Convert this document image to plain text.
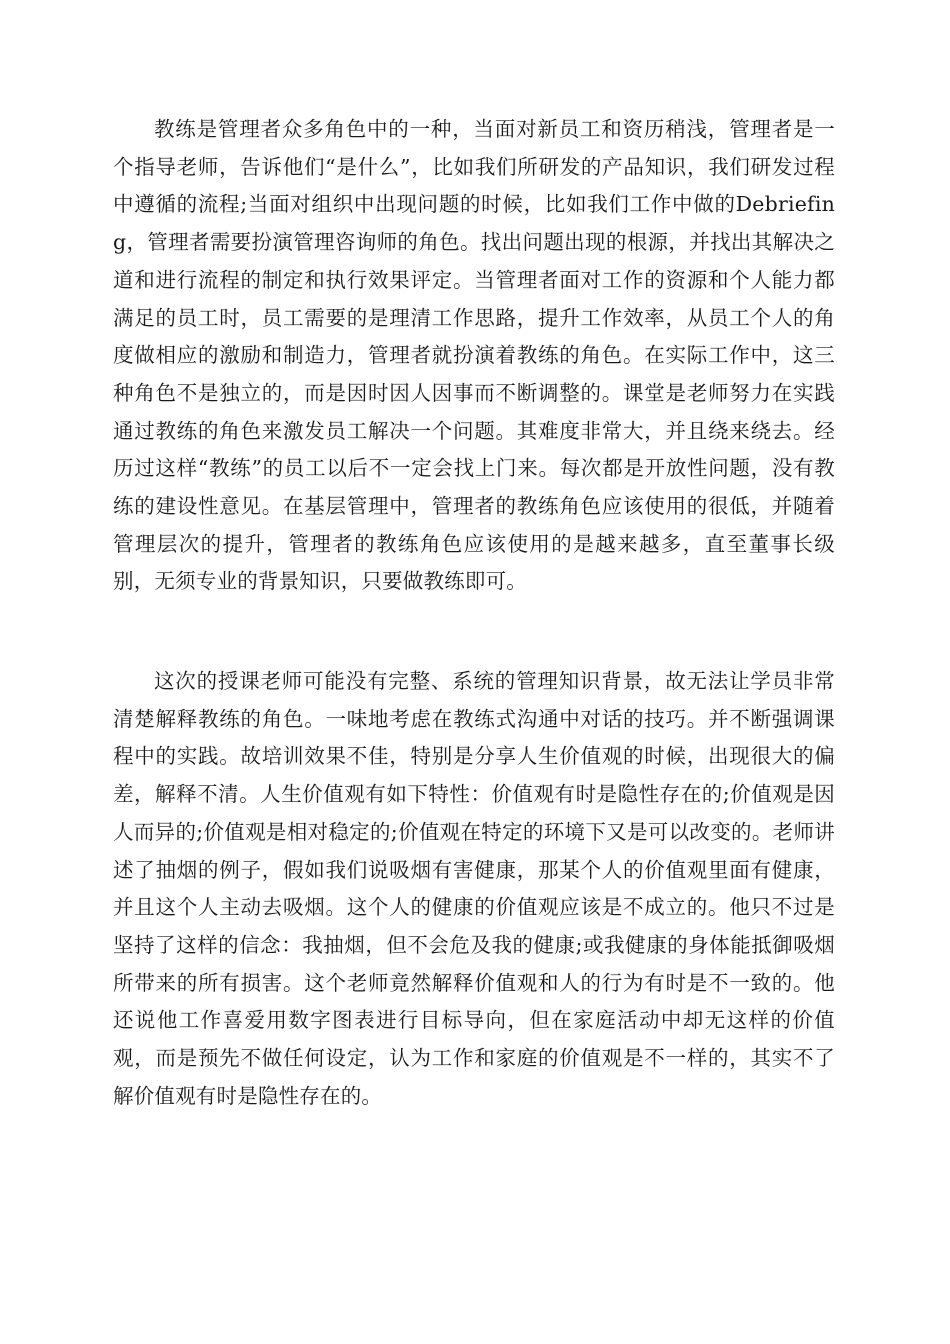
教练是管理者众多角色中的一种，当面对新员工和资历稍浅，管理者是一个指导老师，告诉他们“是什么”，比如我们所研发的产品知识，我们研发过程中遵循的流程;当面对组织中出现问题的时候，比如我们工作中做的Debriefing，管理者需要扮演管理咨询师的角色。找出问题出现的根源，并找出其解决之道和进行流程的制定和执行效果评定。当管理者面对工作的资源和个人能力都满足的员工时，员工需要的是理清工作思路，提升工作效率，从员工个人的角度做相应的激励和制造力，管理者就扮演着教练的角色。在实际工作中，这三种角色不是独立的，而是因时因人因事而不断调整的。课堂是老师努力在实践通过教练的角色来激发员工解决一个问题。其难度非常大，并且绕来绕去。经历过这样“教练”的员工以后不一定会找上门来。每次都是开放性问题，没有教练的建设性意见。在基层管理中，管理者的教练角色应该使用的很低，并随着管理层次的提升，管理者的教练角色应该使用的是越来越多，直至董事长级别，无须专业的背景知识，只要做教练即可。

这次的授课老师可能没有完整、系统的管理知识背景，故无法让学员非常清楚解释教练的角色。一味地考虑在教练式沟通中对话的技巧。并不断强调课程中的实践。故培训效果不佳，特别是分享人生价值观的时候，出现很大的偏差，解释不清。人生价值观有如下特性：价值观有时是隐性存在的;价值观是因人而异的;价值观是相对稳定的;价值观在特定的环境下又是可以改变的。老师讲述了抽烟的例子，假如我们说吸烟有害健康，那某个人的价值观里面有健康，并且这个人主动去吸烟。这个人的健康的价值观应该是不成立的。他只不过是坚持了这样的信念：我抽烟，但不会危及我的健康;或我健康的身体能抵御吸烟所带来的所有损害。这个老师竟然解释价值观和人的行为有时是不一致的。他还说他工作喜爱用数字图表进行目标导向，但在家庭活动中却无这样的价值观，而是预先不做任何设定，认为工作和家庭的价值观是不一样的，其实不了解价值观有时是隐性存在的。
